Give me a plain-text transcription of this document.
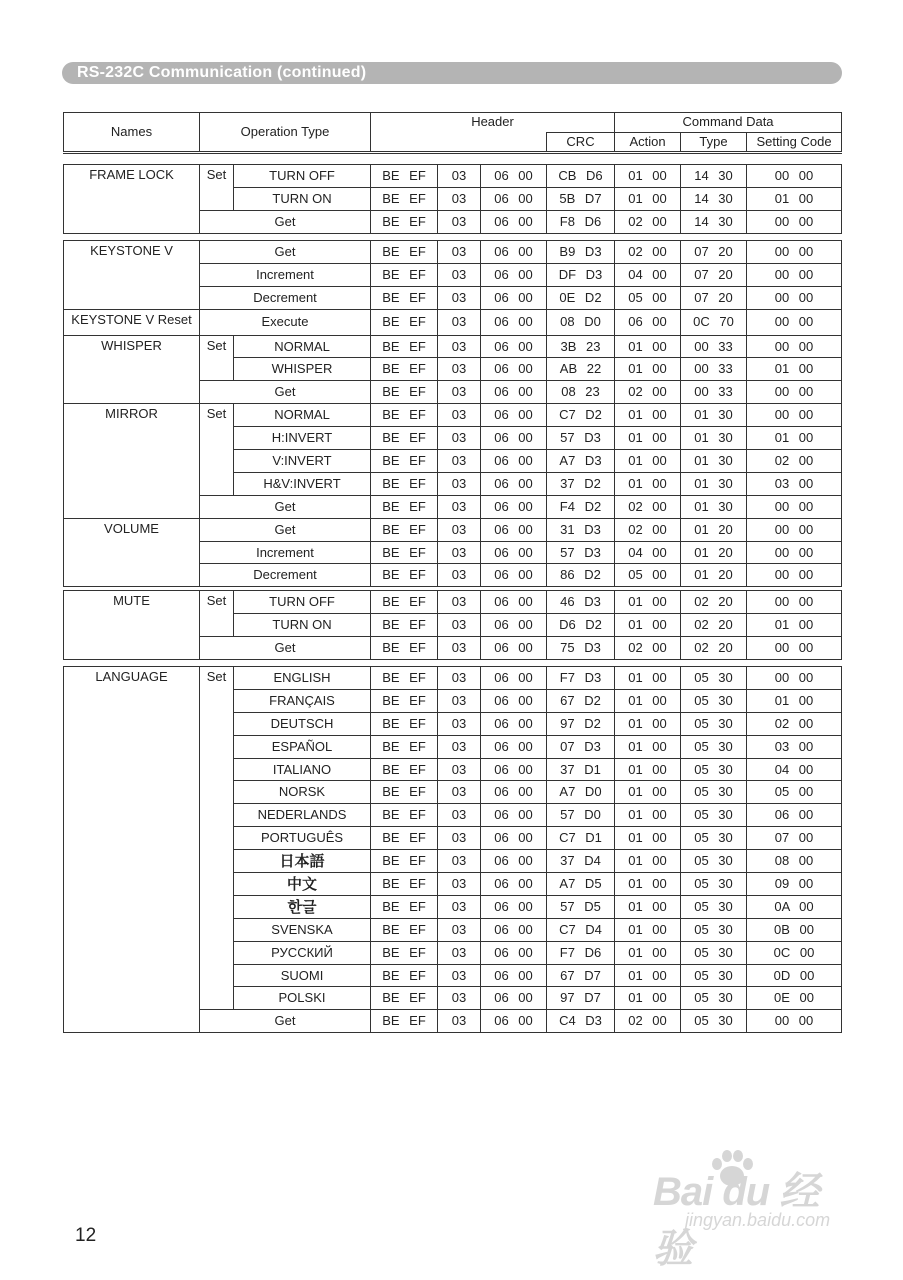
RS-232C Communication (continued)
Names	Operation Type	Header		Command Data		
			CRC	Action	Type	Setting Code
FRAME LOCK	Set	TURN OFF	BE EF	03	06 00	CB D6	01 00	14 30	00 00
		TURN ON	BE EF	03	06 00	5B D7	01 00	14 30	01 00
	Get		BE EF	03	06 00	F8 D6	02 00	14 30	00 00
KEYSTONE V	Get		BE EF	03	06 00	B9 D3	02 00	07 20	00 00
	Increment		BE EF	03	06 00	DF D3	04 00	07 20	00 00
	Decrement		BE EF	03	06 00	0E D2	05 00	07 20	00 00
KEYSTONE V Reset	Execute		BE EF	03	06 00	08 D0	06 00	0C 70	00 00
WHISPER	Set	NORMAL	BE EF	03	06 00	3B 23	01 00	00 33	00 00
		WHISPER	BE EF	03	06 00	AB 22	01 00	00 33	01 00
	Get		BE EF	03	06 00	08 23	02 00	00 33	00 00
MIRROR	Set	NORMAL	BE EF	03	06 00	C7 D2	01 00	01 30	00 00
		H:INVERT	BE EF	03	06 00	57 D3	01 00	01 30	01 00
		V:INVERT	BE EF	03	06 00	A7 D3	01 00	01 30	02 00
		H&V:INVERT	BE EF	03	06 00	37 D2	01 00	01 30	03 00
	Get		BE EF	03	06 00	F4 D2	02 00	01 30	00 00
VOLUME	Get		BE EF	03	06 00	31 D3	02 00	01 20	00 00
	Increment		BE EF	03	06 00	57 D3	04 00	01 20	00 00
	Decrement		BE EF	03	06 00	86 D2	05 00	01 20	00 00
MUTE	Set	TURN OFF	BE EF	03	06 00	46 D3	01 00	02 20	00 00
		TURN ON	BE EF	03	06 00	D6 D2	01 00	02 20	01 00
	Get		BE EF	03	06 00	75 D3	02 00	02 20	00 00
LANGUAGE	Set	ENGLISH	BE EF	03	06 00	F7 D3	01 00	05 30	00 00
		FRANÇAIS	BE EF	03	06 00	67 D2	01 00	05 30	01 00
		DEUTSCH	BE EF	03	06 00	97 D2	01 00	05 30	02 00
		ESPAÑOL	BE EF	03	06 00	07 D3	01 00	05 30	03 00
		ITALIANO	BE EF	03	06 00	37 D1	01 00	05 30	04 00
		NORSK	BE EF	03	06 00	A7 D0	01 00	05 30	05 00
		NEDERLANDS	BE EF	03	06 00	57 D0	01 00	05 30	06 00
		PORTUGUÊS	BE EF	03	06 00	C7 D1	01 00	05 30	07 00
		日本語	BE EF	03	06 00	37 D4	01 00	05 30	08 00
		中文	BE EF	03	06 00	A7 D5	01 00	05 30	09 00
		한글	BE EF	03	06 00	57 D5	01 00	05 30	0A 00
		SVENSKA	BE EF	03	06 00	C7 D4	01 00	05 30	0B 00
		РУССКИЙ	BE EF	03	06 00	F7 D6	01 00	05 30	0C 00
		SUOMI	BE EF	03	06 00	67 D7	01 00	05 30	0D 00
		POLSKI	BE EF	03	06 00	97 D7	01 00	05 30	0E 00
	Get		BE EF	03	06 00	C4 D3	02 00	05 30	00 00
12
Bai du 经验
jingyan.baidu.com
